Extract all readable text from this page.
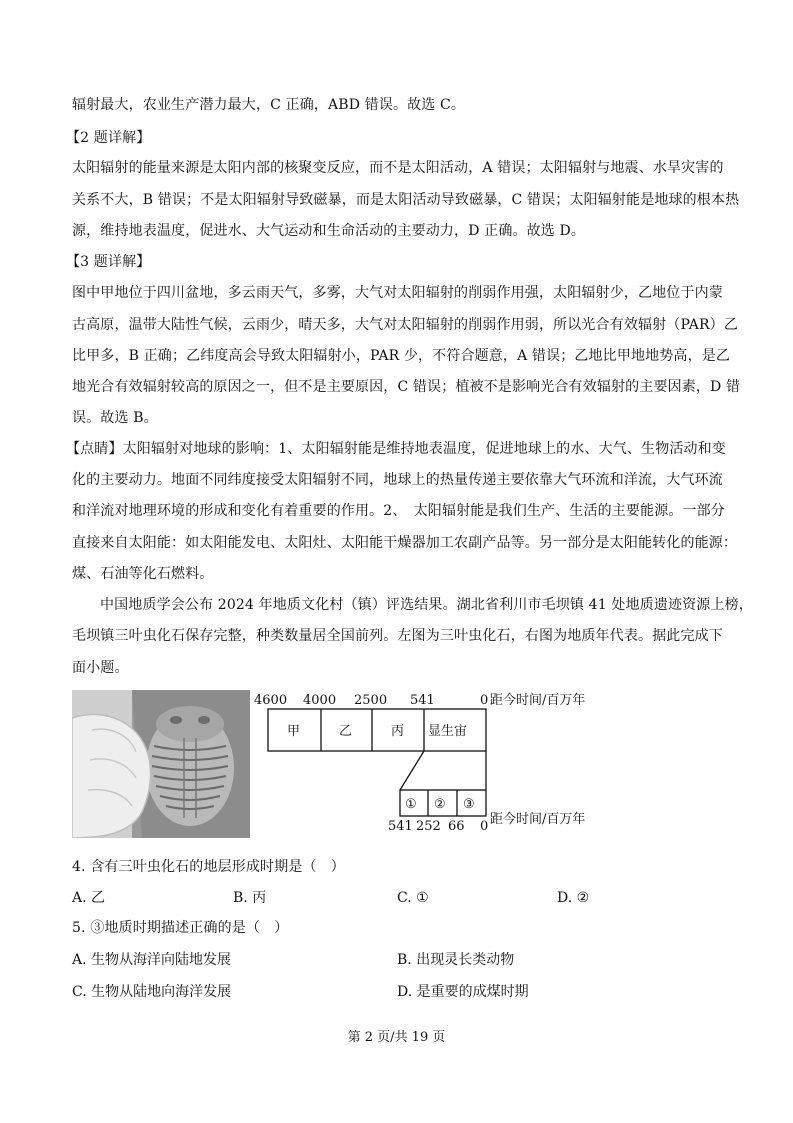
辐射最大，农业生产潜力最大，C 正确，ABD 错误。故选 C。
【2 题详解】
太阳辐射的能量来源是太阳内部的核聚变反应，而不是太阳活动，A 错误；太阳辐射与地震、水旱灾害的
关系不大，B 错误；不是太阳辐射导致磁暴，而是太阳活动导致磁暴，C 错误；太阳辐射能是地球的根本热
源，维持地表温度，促进水、大气运动和生命活动的主要动力，D 正确。故选 D。
【3 题详解】
图中甲地位于四川盆地，多云雨天气，多雾，大气对太阳辐射的削弱作用强，太阳辐射少，乙地位于内蒙
古高原，温带大陆性气候，云雨少，晴天多，大气对太阳辐射的削弱作用弱，所以光合有效辐射（PAR）乙
比甲多，B 正确；乙纬度高会导致太阳辐射小，PAR 少，不符合题意，A 错误；乙地比甲地地势高，是乙
地光合有效辐射较高的原因之一，但不是主要原因，C 错误；植被不是影响光合有效辐射的主要因素，D 错
误。故选 B。
【点睛】太阳辐射对地球的影响：1、太阳辐射能是维持地表温度，促进地球上的水、大气、生物活动和变
化的主要动力。地面不同纬度接受太阳辐射不同，地球上的热量传递主要依靠大气环流和洋流，大气环流
和洋流对地理环境的形成和变化有着重要的作用。2、　太阳辐射能是我们生产、生活的主要能源。一部分
直接来自太阳能：如太阳能发电、太阳灶、太阳能干燥器加工农副产品等。另一部分是太阳能转化的能源：
煤、石油等化石燃料。
中国地质学会公布 2024 年地质文化村（镇）评选结果。湖北省利川市毛坝镇 41 处地质遗迹资源上榜，
毛坝镇三叶虫化石保存完整，种类数量居全国前列。左图为三叶虫化石，右图为地质年代表。据此完成下
面小题。
4600 4000 2500 541	0 距今时间/百万年
甲	乙	丙 显生宙
① ② ③
541 252 66 0 距今时间/百万年
4. 含有三叶虫化石的地层形成时期是（　）
A. 乙	B. 丙	C. ①	D. ②
5. ③地质时期描述正确的是（　）
A. 生物从海洋向陆地发展	B. 出现灵长类动物
C. 生物从陆地向海洋发展	D. 是重要的成煤时期
第 2 页/共 19 页
